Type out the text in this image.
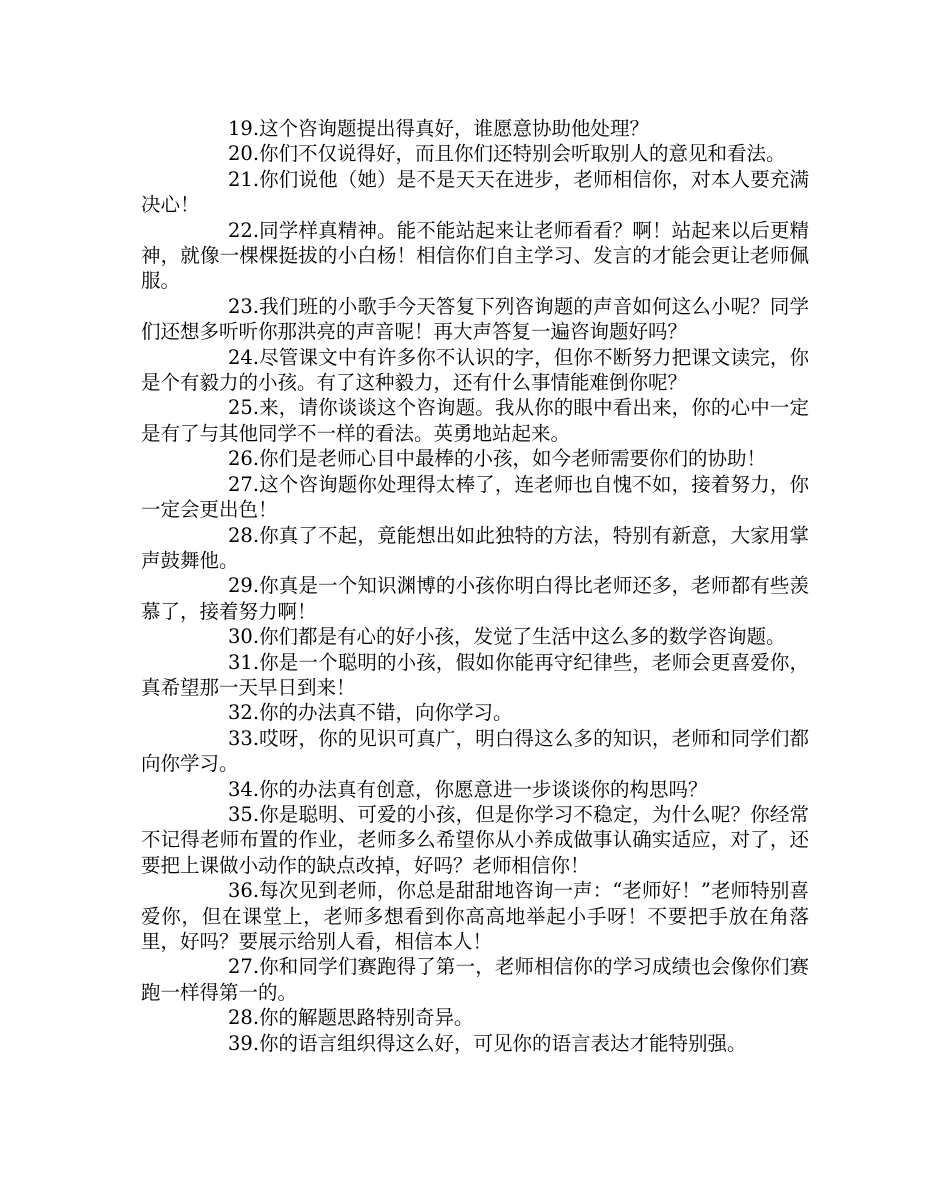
19.这个咨询题提出得真好，谁愿意协助他处理？

20.你们不仅说得好，而且你们还特别会听取别人的意见和看法。

21.你们说他（她）是不是天天在进步，老师相信你，对本人要充满决心！

22.同学样真精神。能不能站起来让老师看看？啊！站起来以后更精神，就像一棵棵挺拔的小白杨！相信你们自主学习、发言的才能会更让老师佩服。

23.我们班的小歌手今天答复下列咨询题的声音如何这么小呢？同学们还想多听听你那洪亮的声音呢！再大声答复一遍咨询题好吗？

24.尽管课文中有许多你不认识的字，但你不断努力把课文读完，你是个有毅力的小孩。有了这种毅力，还有什么事情能难倒你呢？

25.来，请你谈谈这个咨询题。我从你的眼中看出来，你的心中一定是有了与其他同学不一样的看法。英勇地站起来。

26.你们是老师心目中最棒的小孩，如今老师需要你们的协助！

27.这个咨询题你处理得太棒了，连老师也自愧不如，接着努力，你一定会更出色！

28.你真了不起，竟能想出如此独特的方法，特别有新意，大家用掌声鼓舞他。

29.你真是一个知识渊博的小孩你明白得比老师还多，老师都有些羡慕了，接着努力啊！

30.你们都是有心的好小孩，发觉了生活中这么多的数学咨询题。

31.你是一个聪明的小孩，假如你能再守纪律些，老师会更喜爱你，真希望那一天早日到来！

32.你的办法真不错，向你学习。

33.哎呀，你的见识可真广，明白得这么多的知识，老师和同学们都向你学习。

34.你的办法真有创意，你愿意进一步谈谈你的构思吗？

35.你是聪明、可爱的小孩，但是你学习不稳定，为什么呢？你经常不记得老师布置的作业，老师多么希望你从小养成做事认确实适应，对了，还要把上课做小动作的缺点改掉，好吗？老师相信你！

36.每次见到老师，你总是甜甜地咨询一声：“老师好！”老师特别喜爱你，但在课堂上，老师多想看到你高高地举起小手呀！不要把手放在角落里，好吗？要展示给别人看，相信本人！

27.你和同学们赛跑得了第一，老师相信你的学习成绩也会像你们赛跑一样得第一的。

28.你的解题思路特别奇异。

39.你的语言组织得这么好，可见你的语言表达才能特别强。
